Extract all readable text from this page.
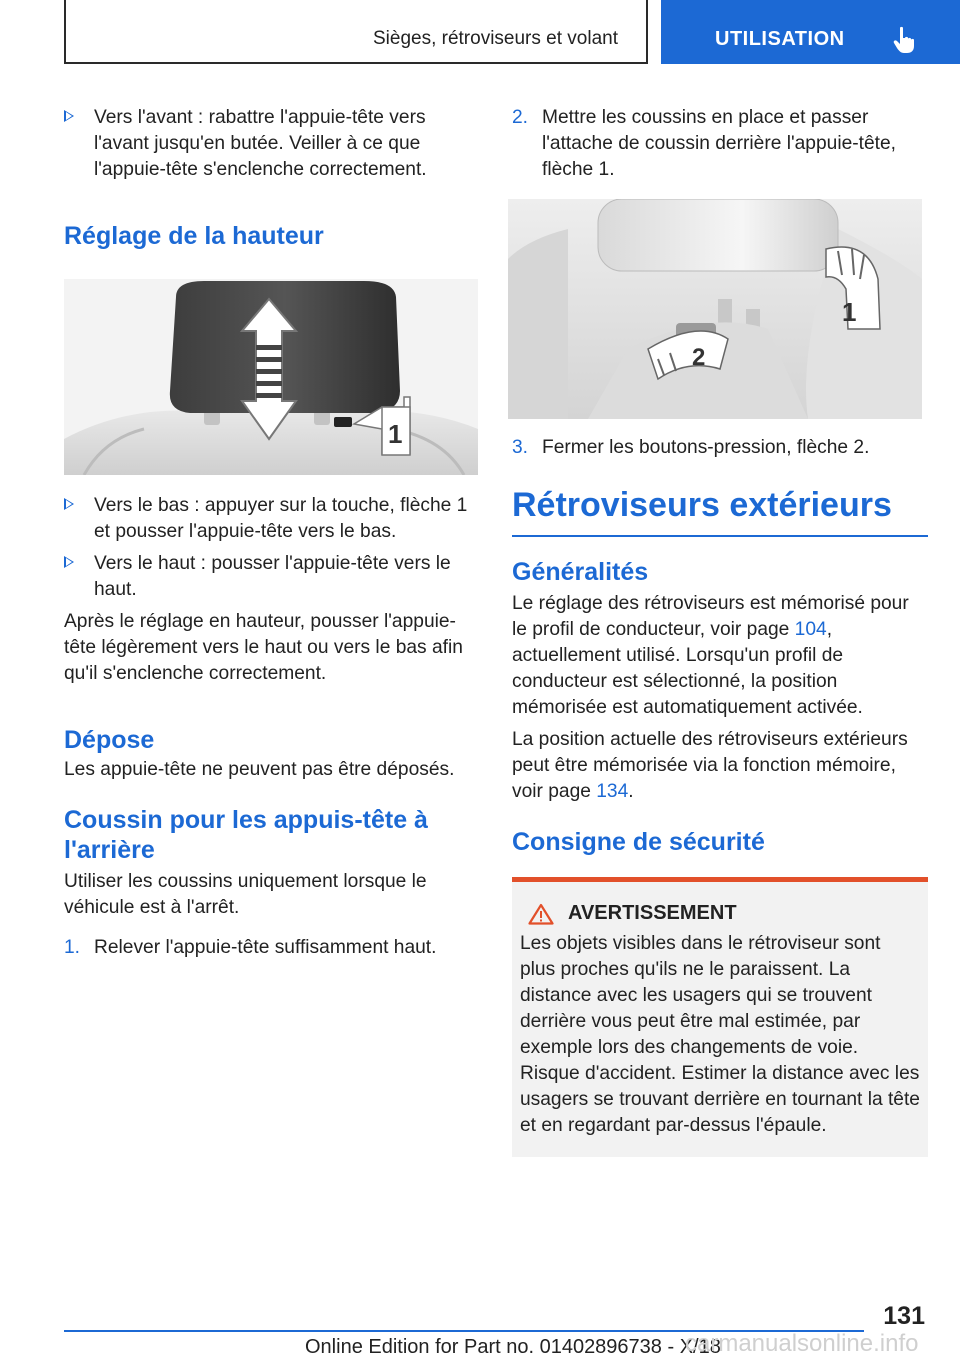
Sièges, rétroviseurs et volant	UTILISATION

Vers l'avant : rabattre l'appuie-tête vers l'avant jusqu'en butée. Veiller à ce que l'appuie-tête s'enclenche correctement.

Réglage de la hauteur

1

Vers le bas : appuyer sur la touche, flèche 1 et pousser l'appuie-tête vers le bas.

Vers le haut : pousser l'appuie-tête vers le haut.

Après le réglage en hauteur, pousser l'appuie-tête légèrement vers le haut ou vers le bas afin qu'il s'enclenche correctement.

Dépose

Les appuie-tête ne peuvent pas être déposés.

Coussin pour les appuis-tête à l'arrière

Utiliser les coussins uniquement lorsque le véhicule est à l'arrêt.

1. Relever l'appuie-tête suffisamment haut.

2. Mettre les coussins en place et passer l'attache de coussin derrière l'appuie-tête, flèche 1.

1
2

3. Fermer les boutons-pression, flèche 2.

Rétroviseurs extérieurs

Généralités

Le réglage des rétroviseurs est mémorisé pour le profil de conducteur, voir page 104, actuellement utilisé. Lorsqu'un profil de conducteur est sélectionné, la position mémorisée est automatiquement activée.

La position actuelle des rétroviseurs extérieurs peut être mémorisée via la fonction mémoire, voir page 134.

Consigne de sécurité

AVERTISSEMENT

Les objets visibles dans le rétroviseur sont plus proches qu'ils ne le paraissent. La distance avec les usagers qui se trouvent derrière vous peut être mal estimée, par exemple lors des changements de voie. Risque d'accident. Estimer la distance avec les usagers se trouvant derrière en tournant la tête et en regardant par-dessus l'épaule.

131
Online Edition for Part no. 01402896738 - X/18
carmanualsonline.info
